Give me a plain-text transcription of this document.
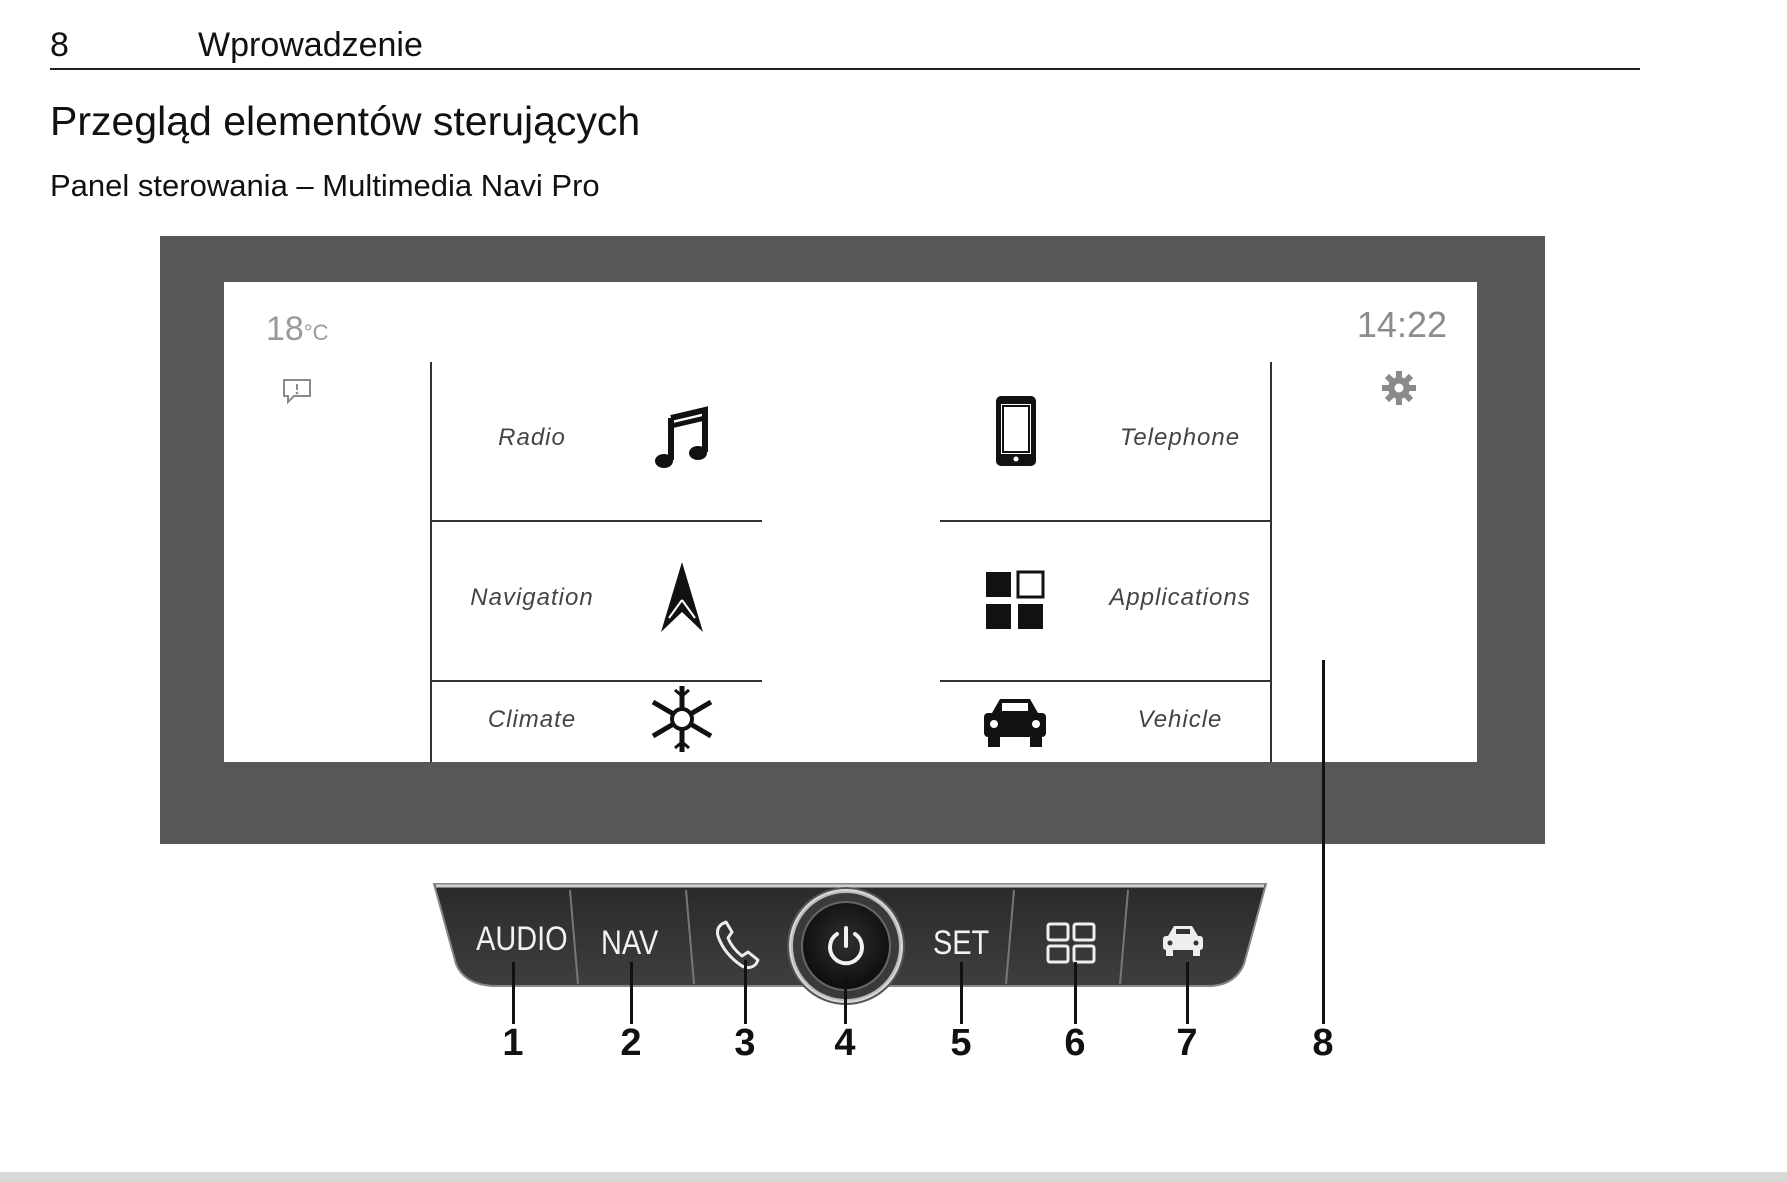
8	Wprowadzenie
Przegląd elementów sterujących
Panel sterowania – Multimedia Navi Pro
18°C	14:22
Radio	Telephone
Navigation	Applications
Climate	Vehicle
AUDIO NAV	SET
1	2 3 4 5 6 7	8
